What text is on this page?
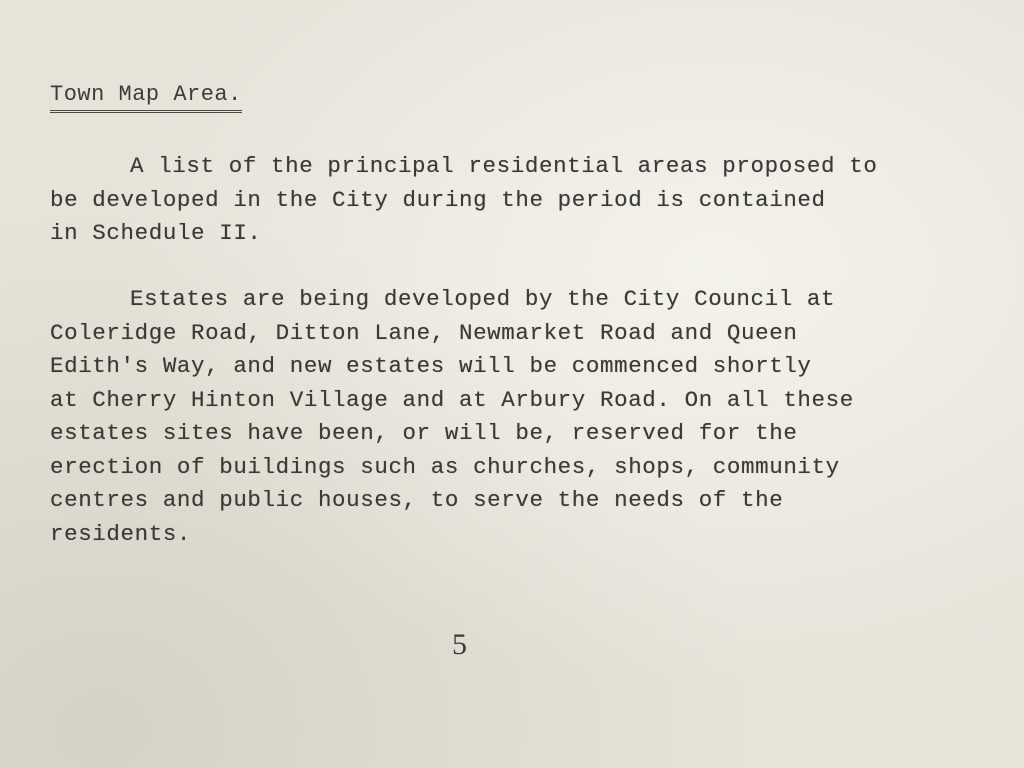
Town Map Area.
A list of the principal residential areas proposed to
be developed in the City during the period is contained
in Schedule II.
Estates are being developed by the City Council at
Coleridge Road, Ditton Lane, Newmarket Road and Queen
Edith's Way, and new estates will be commenced shortly
at Cherry Hinton Village and at Arbury Road. On all these
estates sites have been, or will be, reserved for the
erection of buildings such as churches, shops, community
centres and public houses, to serve the needs of the
residents.
5
